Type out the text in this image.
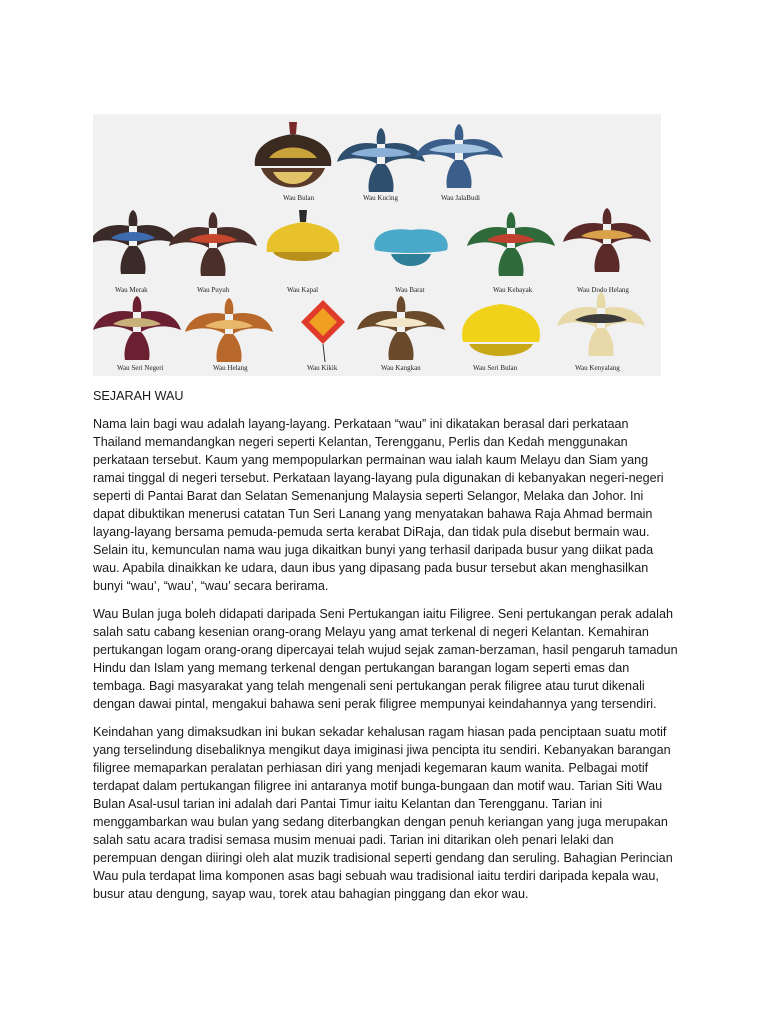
Wau Bulan	Wau Kucing	Wau JalaBudi
Wau Merak	Wau Puyuh	Wau Kapal	Wau Barat	Wau Kebayak	Wau Dodo Helang
Wau Seri Negeri	Wau Helang	Wau Kikik	Wau Kangkan	Wau Seri Bulan	Wau Kenyalang
SEJARAH WAU

Nama lain bagi wau adalah layang-layang. Perkataan “wau” ini dikatakan berasal dari perkataan Thailand memandangkan negeri seperti Kelantan, Terengganu, Perlis dan Kedah menggunakan perkataan tersebut. Kaum yang mempopularkan permainan wau ialah kaum Melayu dan Siam yang ramai tinggal di negeri tersebut. Perkataan layang-layang pula digunakan di kebanyakan negeri-negeri seperti di Pantai Barat dan Selatan Semenanjung Malaysia seperti Selangor, Melaka dan Johor. Ini dapat dibuktikan menerusi catatan Tun Seri Lanang yang menyatakan bahawa Raja Ahmad bermain layang-layang bersama pemuda-pemuda serta kerabat DiRaja, dan tidak pula disebut bermain wau. Selain itu, kemunculan nama wau juga dikaitkan bunyi yang terhasil daripada busur yang diikat pada wau. Apabila dinaikkan ke udara, daun ibus yang dipasang pada busur tersebut akan menghasilkan bunyi “wau’, “wau’, “wau’ secara berirama.

Wau Bulan juga boleh didapati daripada Seni Pertukangan iaitu Filigree. Seni pertukangan perak adalah salah satu cabang kesenian orang-orang Melayu yang amat terkenal di negeri Kelantan. Kemahiran pertukangan logam orang-orang dipercayai telah wujud sejak zaman-berzaman, hasil pengaruh tamadun Hindu dan Islam yang memang terkenal dengan pertukangan barangan logam seperti emas dan tembaga. Bagi masyarakat yang telah mengenali seni pertukangan perak filigree atau turut dikenali dengan dawai pintal, mengakui bahawa seni perak filigree mempunyai keindahannya yang tersendiri.

Keindahan yang dimaksudkan ini bukan sekadar kehalusan ragam hiasan pada penciptaan suatu motif yang terselindung disebaliknya mengikut daya imiginasi jiwa pencipta itu sendiri. Kebanyakan barangan filigree memaparkan peralatan perhiasan diri yang menjadi kegemaran kaum wanita. Pelbagai motif terdapat dalam pertukangan filigree ini antaranya motif bunga-bungaan dan motif wau. Tarian Siti Wau Bulan Asal-usul tarian ini adalah dari Pantai Timur iaitu Kelantan dan Terengganu. Tarian ini menggambarkan wau bulan yang sedang diterbangkan dengan penuh keriangan yang juga merupakan salah satu acara tradisi semasa musim menuai padi. Tarian ini ditarikan oleh penari lelaki dan perempuan dengan diiringi oleh alat muzik tradisional seperti gendang dan seruling. Bahagian Perincian Wau pula terdapat lima komponen asas bagi sebuah wau tradisional iaitu terdiri daripada kepala wau, busur atau dengung, sayap wau, torek atau bahagian pinggang dan ekor wau.
